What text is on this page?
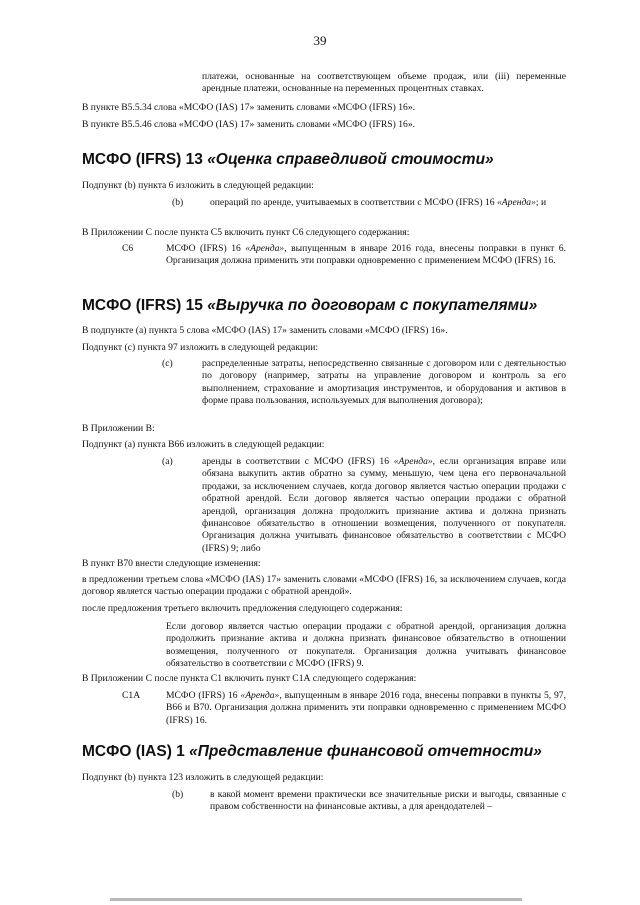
39
платежи, основанные на соответствующем объеме продаж, или (iii) переменные арендные платежи, основанные на переменных процентных ставках.
В пункте В5.5.34 слова «МСФО (IAS) 17» заменить словами «МСФО (IFRS) 16».
В пункте В5.5.46 слова «МСФО (IAS) 17» заменить словами «МСФО (IFRS) 16».
МСФО (IFRS) 13 «Оценка справедливой стоимости»
Подпункт (b) пункта 6 изложить в следующей редакции:
(b)	операций по аренде, учитываемых в соответствии с МСФО (IFRS) 16 «Аренда»; и
В Приложении С после пункта С5 включить пункт С6 следующего содержания:
С6	МСФО (IFRS) 16 «Аренда», выпущенным в январе 2016 года, внесены поправки в пункт 6. Организация должна применить эти поправки одновременно с применением МСФО (IFRS) 16.
МСФО (IFRS) 15 «Выручка по договорам с покупателями»
В подпункте (а) пункта 5 слова «МСФО (IAS) 17» заменить словами «МСФО (IFRS) 16».
Подпункт (с) пункта 97 изложить в следующей редакции:
(с)	распределенные затраты, непосредственно связанные с договором или с деятельностью по договору (например, затраты на управление договором и контроль за его выполнением, страхование и амортизация инструментов, и оборудования и активов в форме права пользования, используемых для выполнения договора);
В Приложении В:
Подпункт (а) пункта В66 изложить в следующей редакции:
(а)	аренды в соответствии с МСФО (IFRS) 16 «Аренда», если организация вправе или обязана выкупить актив обратно за сумму, меньшую, чем цена его первоначальной продажи, за исключением случаев, когда договор является частью операции продажи с обратной арендой. Если договор является частью операции продажи с обратной арендой, организация должна продолжить признание актива и должна признать финансовое обязательство в отношении возмещения, полученного от покупателя. Организация должна учитывать финансовое обязательство в соответствии с МСФО (IFRS) 9; либо
В пункт В70 внести следующие изменения:
в предложении третьем слова «МСФО (IAS) 17» заменить словами «МСФО (IFRS) 16, за исключением случаев, когда договор является частью операции продажи с обратной арендой».
после предложения третьего включить предложения следующего содержания:
Если договор является частью операции продажи с обратной арендой, организация должна продолжить признание актива и должна признать финансовое обязательство в отношении возмещения, полученного от покупателя. Организация должна учитывать финансовое обязательство в соответствии с МСФО (IFRS) 9.
В Приложении С после пункта С1 включить пункт С1А следующего содержания:
С1А	МСФО (IFRS) 16 «Аренда», выпущенным в январе 2016 года, внесены поправки в пункты 5, 97, В66 и В70. Организация должна применить эти поправки одновременно с применением МСФО (IFRS) 16.
МСФО (IAS) 1 «Представление финансовой отчетности»
Подпункт (b) пункта 123 изложить в следующей редакции:
(b)	в какой момент времени практически все значительные риски и выгоды, связанные с правом собственности на финансовые активы, а для арендодателей –
